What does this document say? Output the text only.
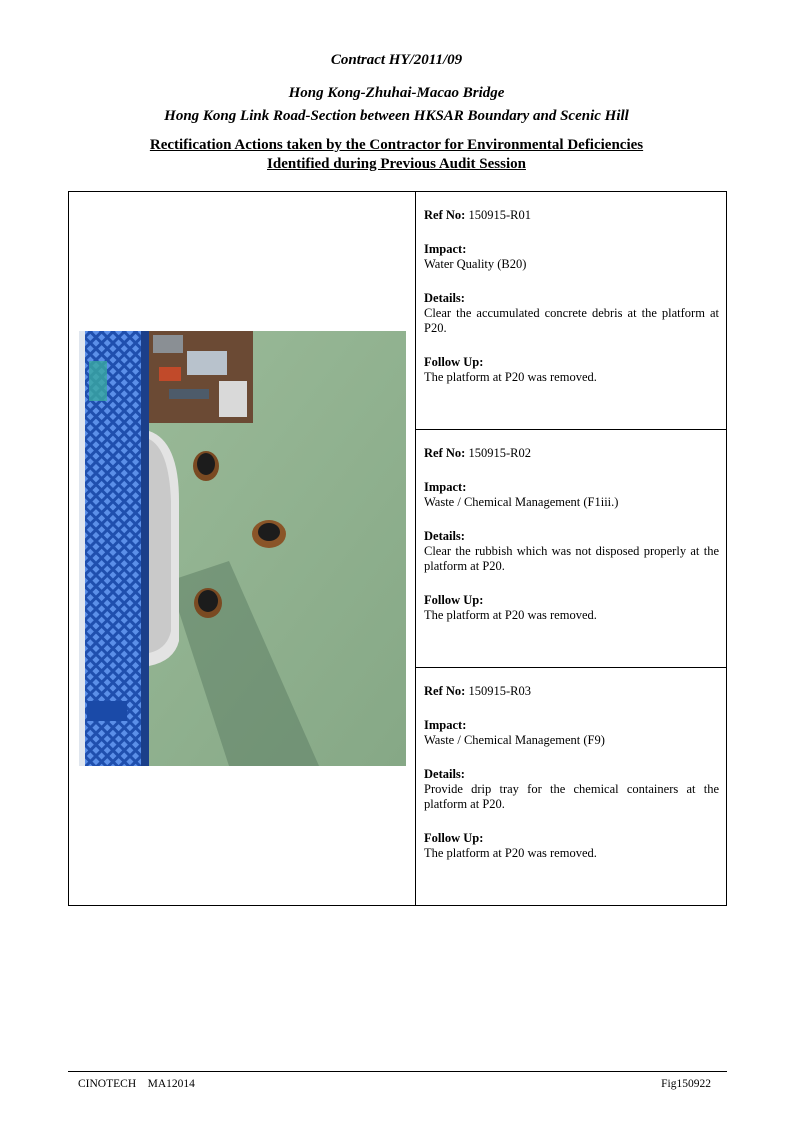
Contract HY/2011/09
Hong Kong-Zhuhai-Macao Bridge
Hong Kong Link Road-Section between HKSAR Boundary and Scenic Hill
Rectification Actions taken by the Contractor for Environmental Deficiencies
Identified during Previous Audit Session

Ref No: 150915-R01

Impact:
Water Quality (B20)

Details:
Clear the accumulated concrete debris at the platform at P20.

Follow Up:
The platform at P20 was removed.

Ref No: 150915-R02

Impact:
Waste / Chemical Management (F1iii.)

Details:
Clear the rubbish which was not disposed properly at the platform at P20.

Follow Up:
The platform at P20 was removed.

Ref No: 150915-R03

Impact:
Waste / Chemical Management (F9)

Details:
Provide drip tray for the chemical containers at the platform at P20.

Follow Up:
The platform at P20 was removed.

CINOTECH    MA12014	Fig150922
